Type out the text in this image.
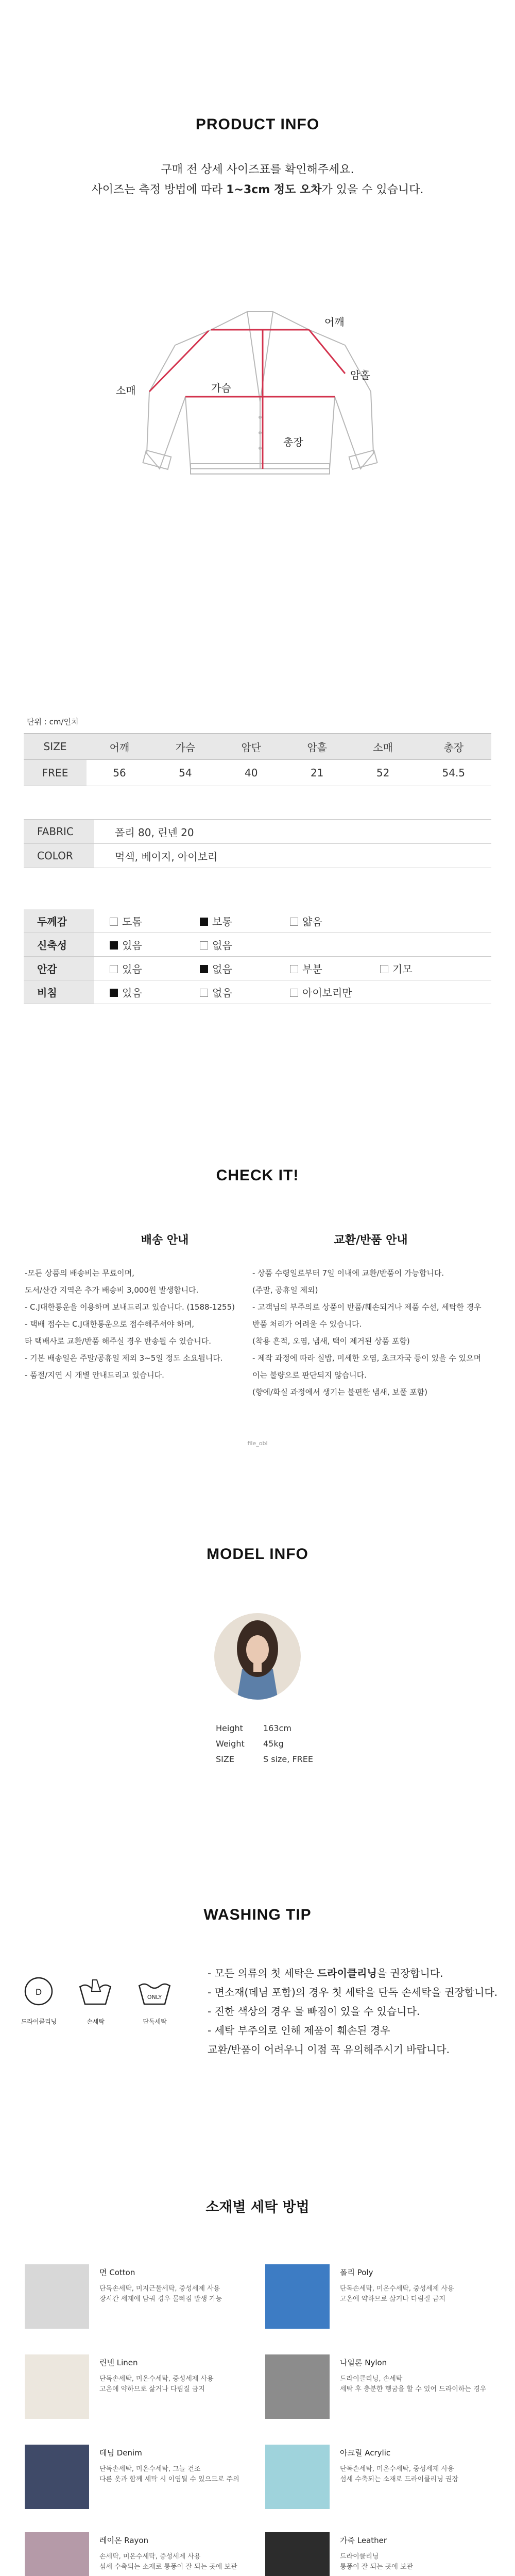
PRODUCT INFO
구매 전 상세 사이즈표를 확인해주세요.
사이즈는 측정 방법에 따라 1~3cm 정도 오차가 있을 수 있습니다.
어깨
가슴
소매
암홀
총장
단위 : cm/인치
SIZE	어깨	가슴	암단	암홀	소매	총장
FREE	56	54	40	21	52	54.5
FABRIC	폴리 80, 린넨 20
COLOR	먹색, 베이지, 아이보리
두께감	도톰 보통 얇음
신축성	있음 없음
안감	있음 없음 부분 기모
비침	있음 없음 아이보리만
CHECK IT!
배송 안내
-모든 상품의 배송비는 무료이며,
도서/산간 지역은 추가 배송비 3,000원 발생합니다.
- C.J대한통운을 이용하며 보내드리고 있습니다. (1588-1255)
- 택배 접수는 C.J대한통운으로 접수해주셔야 하며,
타 택배사로 교환/반품 해주실 경우 반송될 수 있습니다.
- 기본 배송일은 주말/공휴일 제외 3~5일 정도 소요됩니다.
- 품절/지연 시 개별 안내드리고 있습니다.
교환/반품 안내
- 상품 수령일로부터 7일 이내에 교환/반품이 가능합니다.
(주말, 공휴일 제외)
- 고객님의 부주의로 상품이 반품/훼손되거나 제품 수선, 세탁한 경우
반품 처리가 어려울 수 있습니다.
(착용 흔적, 오염, 냄새, 택이 제거된 상품 포함)
- 제작 과정에 따라 실밥, 미세한 오염, 초크자국 등이 있을 수 있으며
이는 불량으로 판단되지 않습니다.
(향에/화실 과정에서 생기는 불편한 냄새, 보풀 포함)
file_obl
MODEL INFO
Height 163cm
Weight 45kg
SIZE	S size, FREE
WASHING TIP
D
ONLY
드라이클리닝	손세탁	단독세탁
- 모든 의류의 첫 세탁은 드라이클리닝을 권장합니다.
- 면소재(데님 포함)의 경우 첫 세탁을 단독 손세탁을 권장합니다.
- 진한 색상의 경우 물 빠짐이 있을 수 있습니다.
- 세탁 부주의로 인해 제품이 훼손된 경우
교환/반품이 어려우니 이점 꼭 유의해주시기 바랍니다.
소재별 세탁 방법
면 Cotton
단독손세탁, 미지근물세탁, 중성세제 사용
장시간 세제에 담궈 경우 물빠짐 발생 가능
린넨 Linen
단독손세탁, 미온수세탁, 중성세제 사용
고온에 약하므로 삶거나 다림질 금지
데님 Denim
단독손세탁, 미온수세탁, 그늘 건조
다른 옷과 함께 세탁 시 이염될 수 있으므로 주의
레이온 Rayon
손세탁, 미온수세탁, 중성세제 사용
섬세 수축되는 소재로 통풍이 잘 되는 곳에 보관
폴리 Poly
단독손세탁, 미온수세탁, 중성세제 사용
고온에 약하므로 삶거나 다림질 금지
나일론 Nylon
드라이클리닝, 손세탁
세탁 후 충분한 헹굼을 할 수 있어 드라이하는 경우
아크릴 Acrylic
단독손세탁, 미온수세탁, 중성세제 사용
섬세 수축되는 소재로 드라이클리닝 권장
가죽 Leather
드라이클리닝
통풍이 잘 되는 곳에 보관
